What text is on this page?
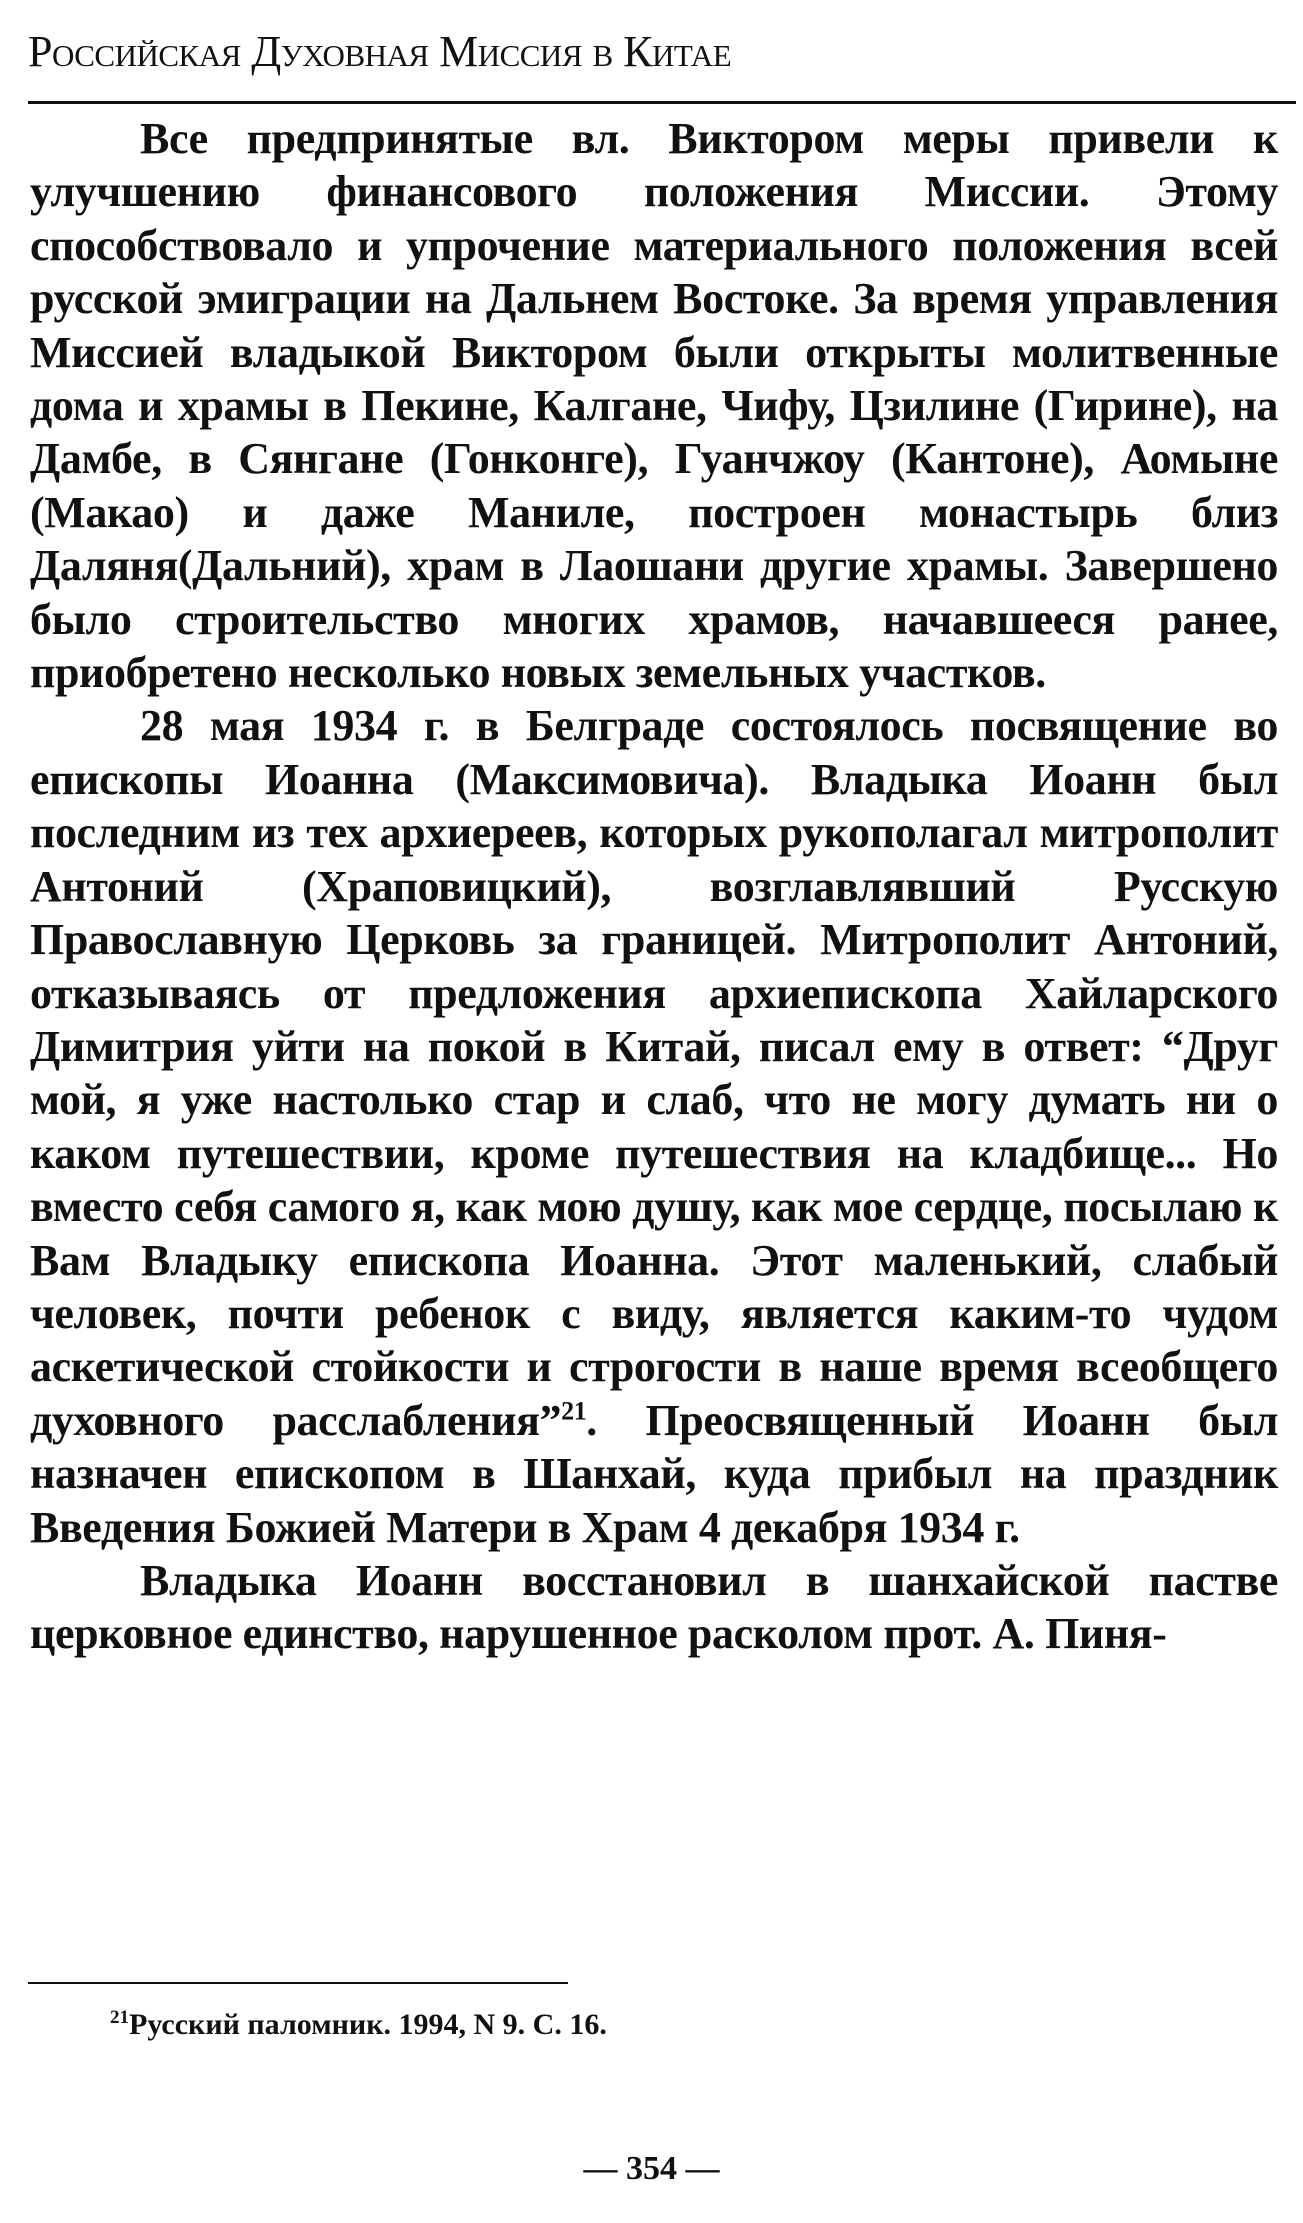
Российская Духовная Миссия в Китае

Все предпринятые вл. Виктором меры привели к улучшению финансового положения Миссии. Этому способствовало и упрочение материального положения всей русской эмиграции на Дальнем Востоке. За время управления Миссией владыкой Виктором были открыты молитвенные дома и храмы в Пекине, Калгане, Чифу, Цзилине (Гирине), на Дамбе, в Сянгане (Гонконге), Гуанчжоу (Кантоне), Аомыне (Макао) и даже Маниле, построен монастырь близ Даляня(Дальний), храм в Лаошани другие храмы. Завершено было строительство многих храмов, начавшееся ранее, приобретено несколько новых земельных участков.

28 мая 1934 г. в Белграде состоялось посвящение во епископы Иоанна (Максимовича). Владыка Иоанн был последним из тех архиереев, которых рукополагал митрополит Антоний (Храповицкий), возглавлявший Русскую Православную Церковь за границей. Митрополит Антоний, отказываясь от предложения архиепископа Хайларского Димитрия уйти на покой в Китай, писал ему в ответ: “Друг мой, я уже настолько стар и слаб, что не могу думать ни о каком путешествии, кроме путешествия на кладбище... Но вместо себя самого я, как мою душу, как мое сердце, посылаю к Вам Владыку епископа Иоанна. Этот маленький, слабый человек, почти ребенок с виду, является каким-то чудом аскетической стойкости и строгости в наше время всеобщего духовного расслабления”$^{21}$. Преосвященный Иоанн был назначен епископом в Шанхай, куда прибыл на праздник Введения Божией Матери в Храм 4 декабря 1934 г.

Владыка Иоанн восстановил в шанхайской пастве церковное единство, нарушенное расколом прот. А. Пиня-

$^{21}$Русский паломник. 1994, N 9. С. 16.
— 354 —
